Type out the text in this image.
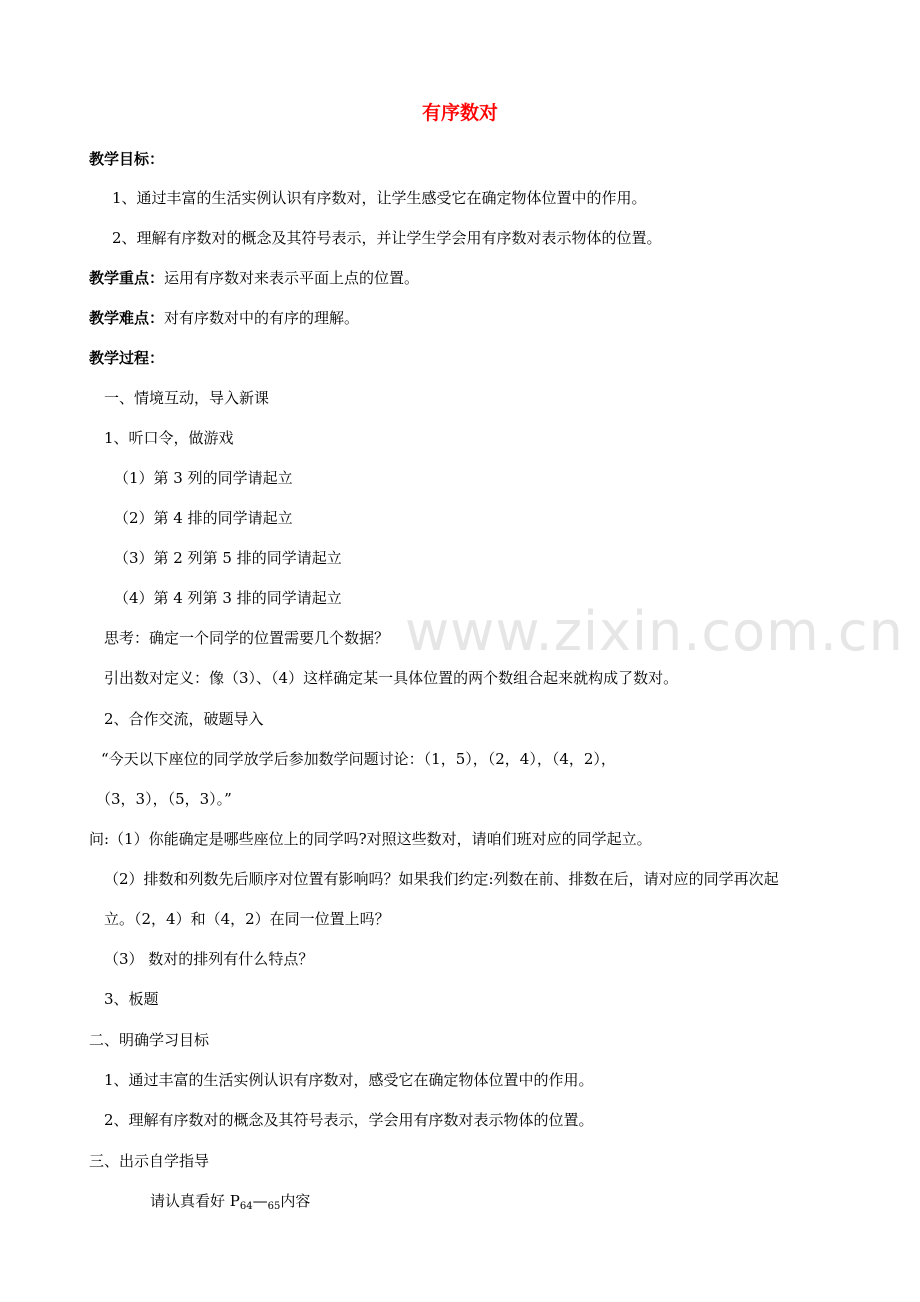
有序数对
教学目标：
1、通过丰富的生活实例认识有序数对，让学生感受它在确定物体位置中的作用。
2、理解有序数对的概念及其符号表示，并让学生学会用有序数对表示物体的位置。
教学重点：运用有序数对来表示平面上点的位置。
教学难点：对有序数对中的有序的理解。
教学过程：
一、情境互动，导入新课
1、听口令，做游戏
（1）第 3 列的同学请起立
（2）第 4 排的同学请起立
（3）第 2 列第 5 排的同学请起立
（4）第 4 列第 3 排的同学请起立
www.zixin.com.cn
思考：确定一个同学的位置需要几个数据？
引出数对定义：像（3）、（4）这样确定某一具体位置的两个数组合起来就构成了数对。
2、合作交流，破题导入
“今天以下座位的同学放学后参加数学问题讨论：（1，5），（2，4），（4，2），
（3，3），（5，3）。”
问:（1）你能确定是哪些座位上的同学吗?对照这些数对，请咱们班对应的同学起立。
（2）排数和列数先后顺序对位置有影响吗？如果我们约定:列数在前、排数在后，请对应的同学再次起
立。（2，4）和（4，2）在同一位置上吗？
（3） 数对的排列有什么特点？
3、板题
二、明确学习目标
1、通过丰富的生活实例认识有序数对，感受它在确定物体位置中的作用。
2、理解有序数对的概念及其符号表示，学会用有序数对表示物体的位置。
三、出示自学指导
请认真看好 $P_{64}—_{65}$内容
